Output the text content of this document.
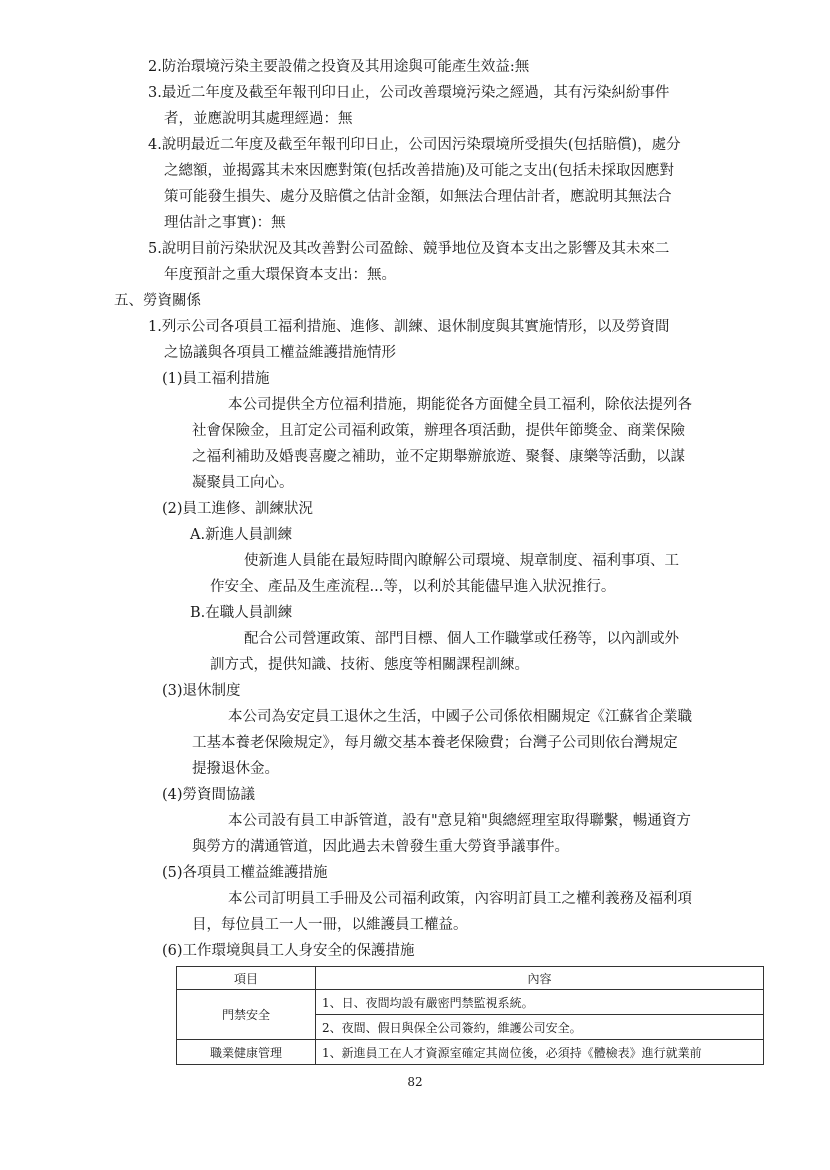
2.防治環境污染主要設備之投資及其用途與可能產生效益:無
3.最近二年度及截至年報刊印日止，公司改善環境污染之經過，其有污染糾紛事件
者，並應說明其處理經過：無
4.說明最近二年度及截至年報刊印日止，公司因污染環境所受損失(包括賠償)，處分
之總額，並揭露其未來因應對策(包括改善措施)及可能之支出(包括未採取因應對
策可能發生損失、處分及賠償之估計金額，如無法合理估計者，應說明其無法合
理估計之事實)：無
5.說明目前污染狀況及其改善對公司盈餘、競爭地位及資本支出之影響及其未來二
年度預計之重大環保資本支出：無。
五、勞資關係
1.列示公司各項員工福利措施、進修、訓練、退休制度與其實施情形，以及勞資間
之協議與各項員工權益維護措施情形
(1)員工福利措施
本公司提供全方位福利措施，期能從各方面健全員工福利，除依法提列各
社會保險金，且訂定公司福利政策，辦理各項活動，提供年節獎金、商業保險
之福利補助及婚喪喜慶之補助，並不定期舉辦旅遊、聚餐、康樂等活動，以謀
凝聚員工向心。
(2)員工進修、訓練狀況
A.新進人員訓練
使新進人員能在最短時間內瞭解公司環境、規章制度、福利事項、工
作安全、產品及生產流程...等，以利於其能儘早進入狀況推行。
B.在職人員訓練
配合公司營運政策、部門目標、個人工作職掌或任務等，以內訓或外
訓方式，提供知識、技術、態度等相關課程訓練。
(3)退休制度
本公司為安定員工退休之生活，中國子公司係依相關規定《江蘇省企業職
工基本養老保險規定》，每月繳交基本養老保險費；台灣子公司則依台灣規定
提撥退休金。
(4)勞資間協議
本公司設有員工申訴管道，設有"意見箱"與總經理室取得聯繫，暢通資方
與勞方的溝通管道，因此過去未曾發生重大勞資爭議事件。
(5)各項員工權益維護措施
本公司訂明員工手冊及公司福利政策，內容明訂員工之權利義務及福利項
目，每位員工一人一冊，以維護員工權益。
(6)工作環境與員工人身安全的保護措施
項目	內容
門禁安全	1、日、夜間均設有嚴密門禁監視系統。
	2、夜間、假日與保全公司簽約，維護公司安全。
職業健康管理	1、新進員工在人才資源室確定其崗位後，必須持《體檢表》進行就業前
82
